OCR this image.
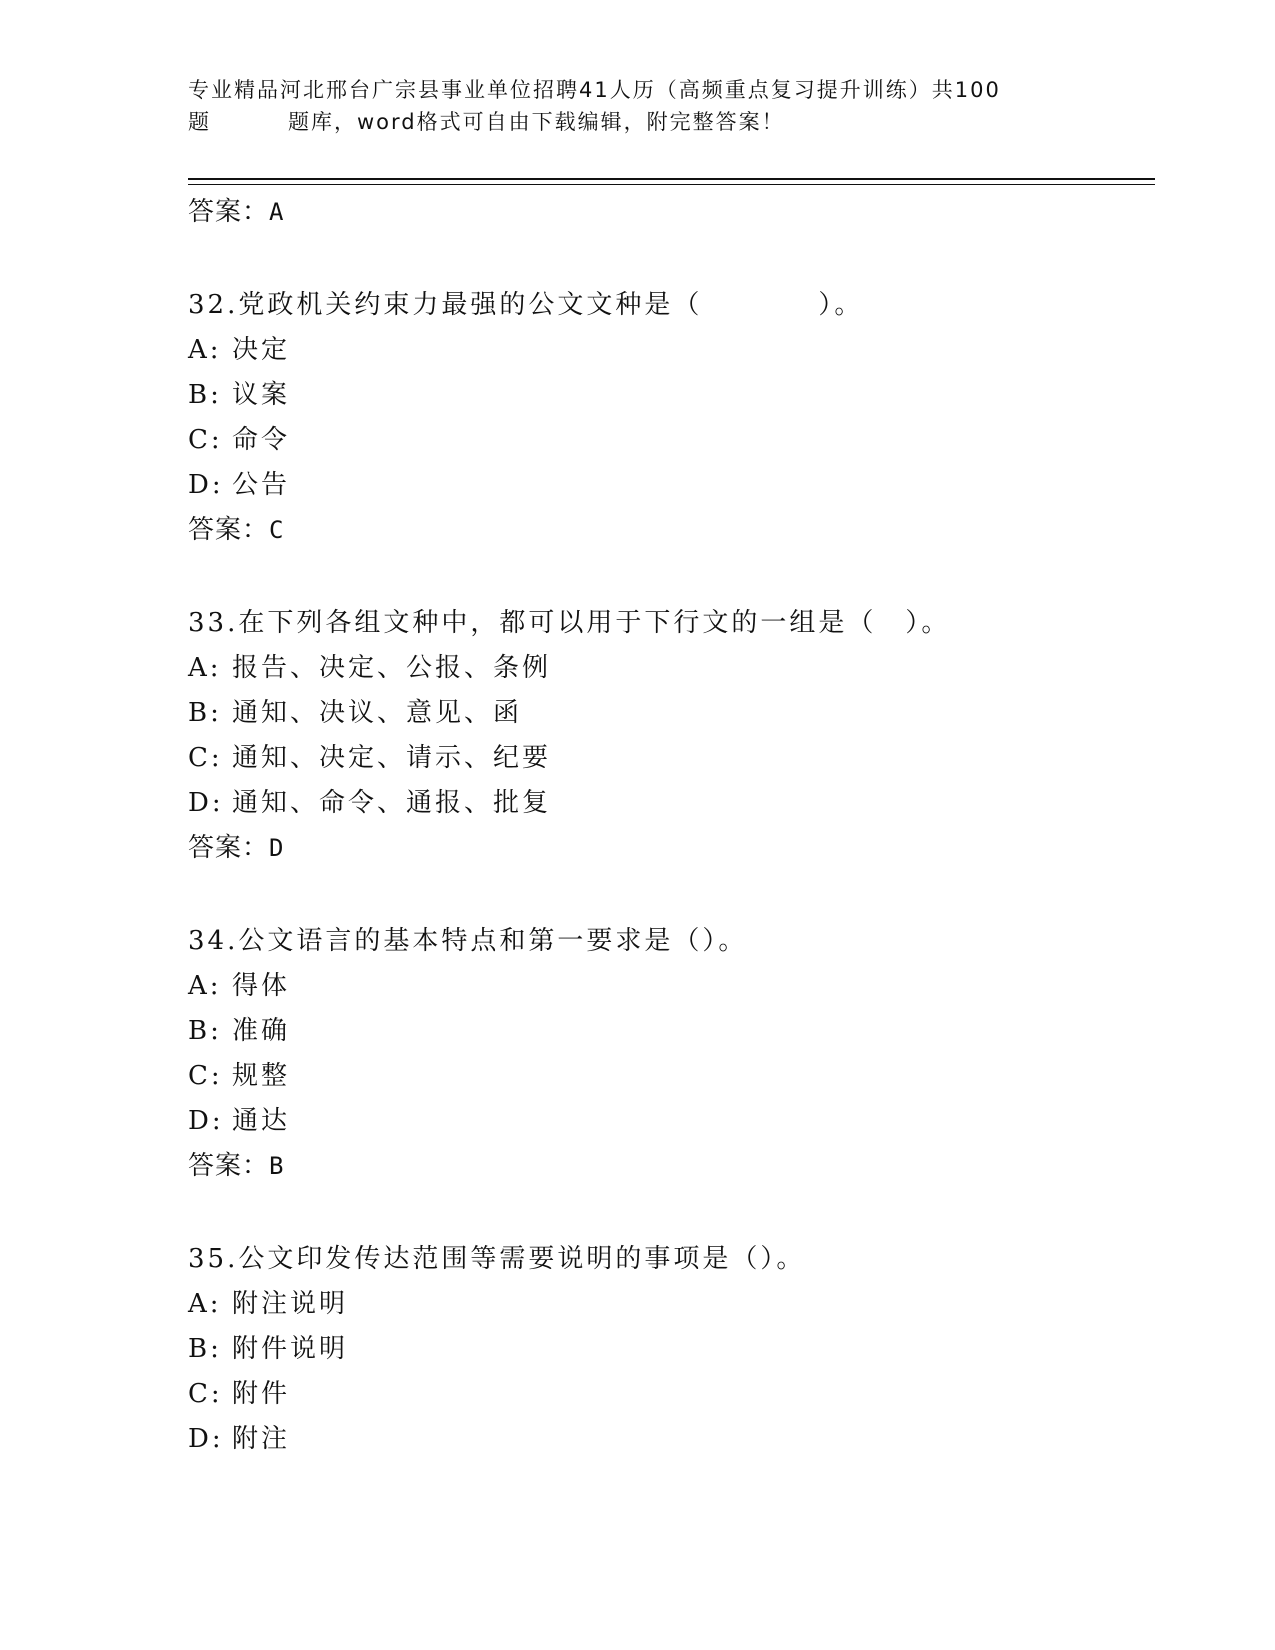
专业精品河北邢台广宗县事业单位招聘41人历（高频重点复习提升训练）共100
题	题库，word格式可自由下载编辑，附完整答案！
答案：A
32.党政机关约束力最强的公文文种是（　　　　）。
A: 决定
B: 议案
C: 命令
D: 公告
答案：C
33.在下列各组文种中，都可以用于下行文的一组是（　）。
A: 报告、决定、公报、条例
B: 通知、决议、意见、函
C: 通知、决定、请示、纪要
D: 通知、命令、通报、批复
答案：D
34.公文语言的基本特点和第一要求是（）。
A: 得体
B: 准确
C: 规整
D: 通达
答案：B
35.公文印发传达范围等需要说明的事项是（）。
A: 附注说明
B: 附件说明
C: 附件
D: 附注
